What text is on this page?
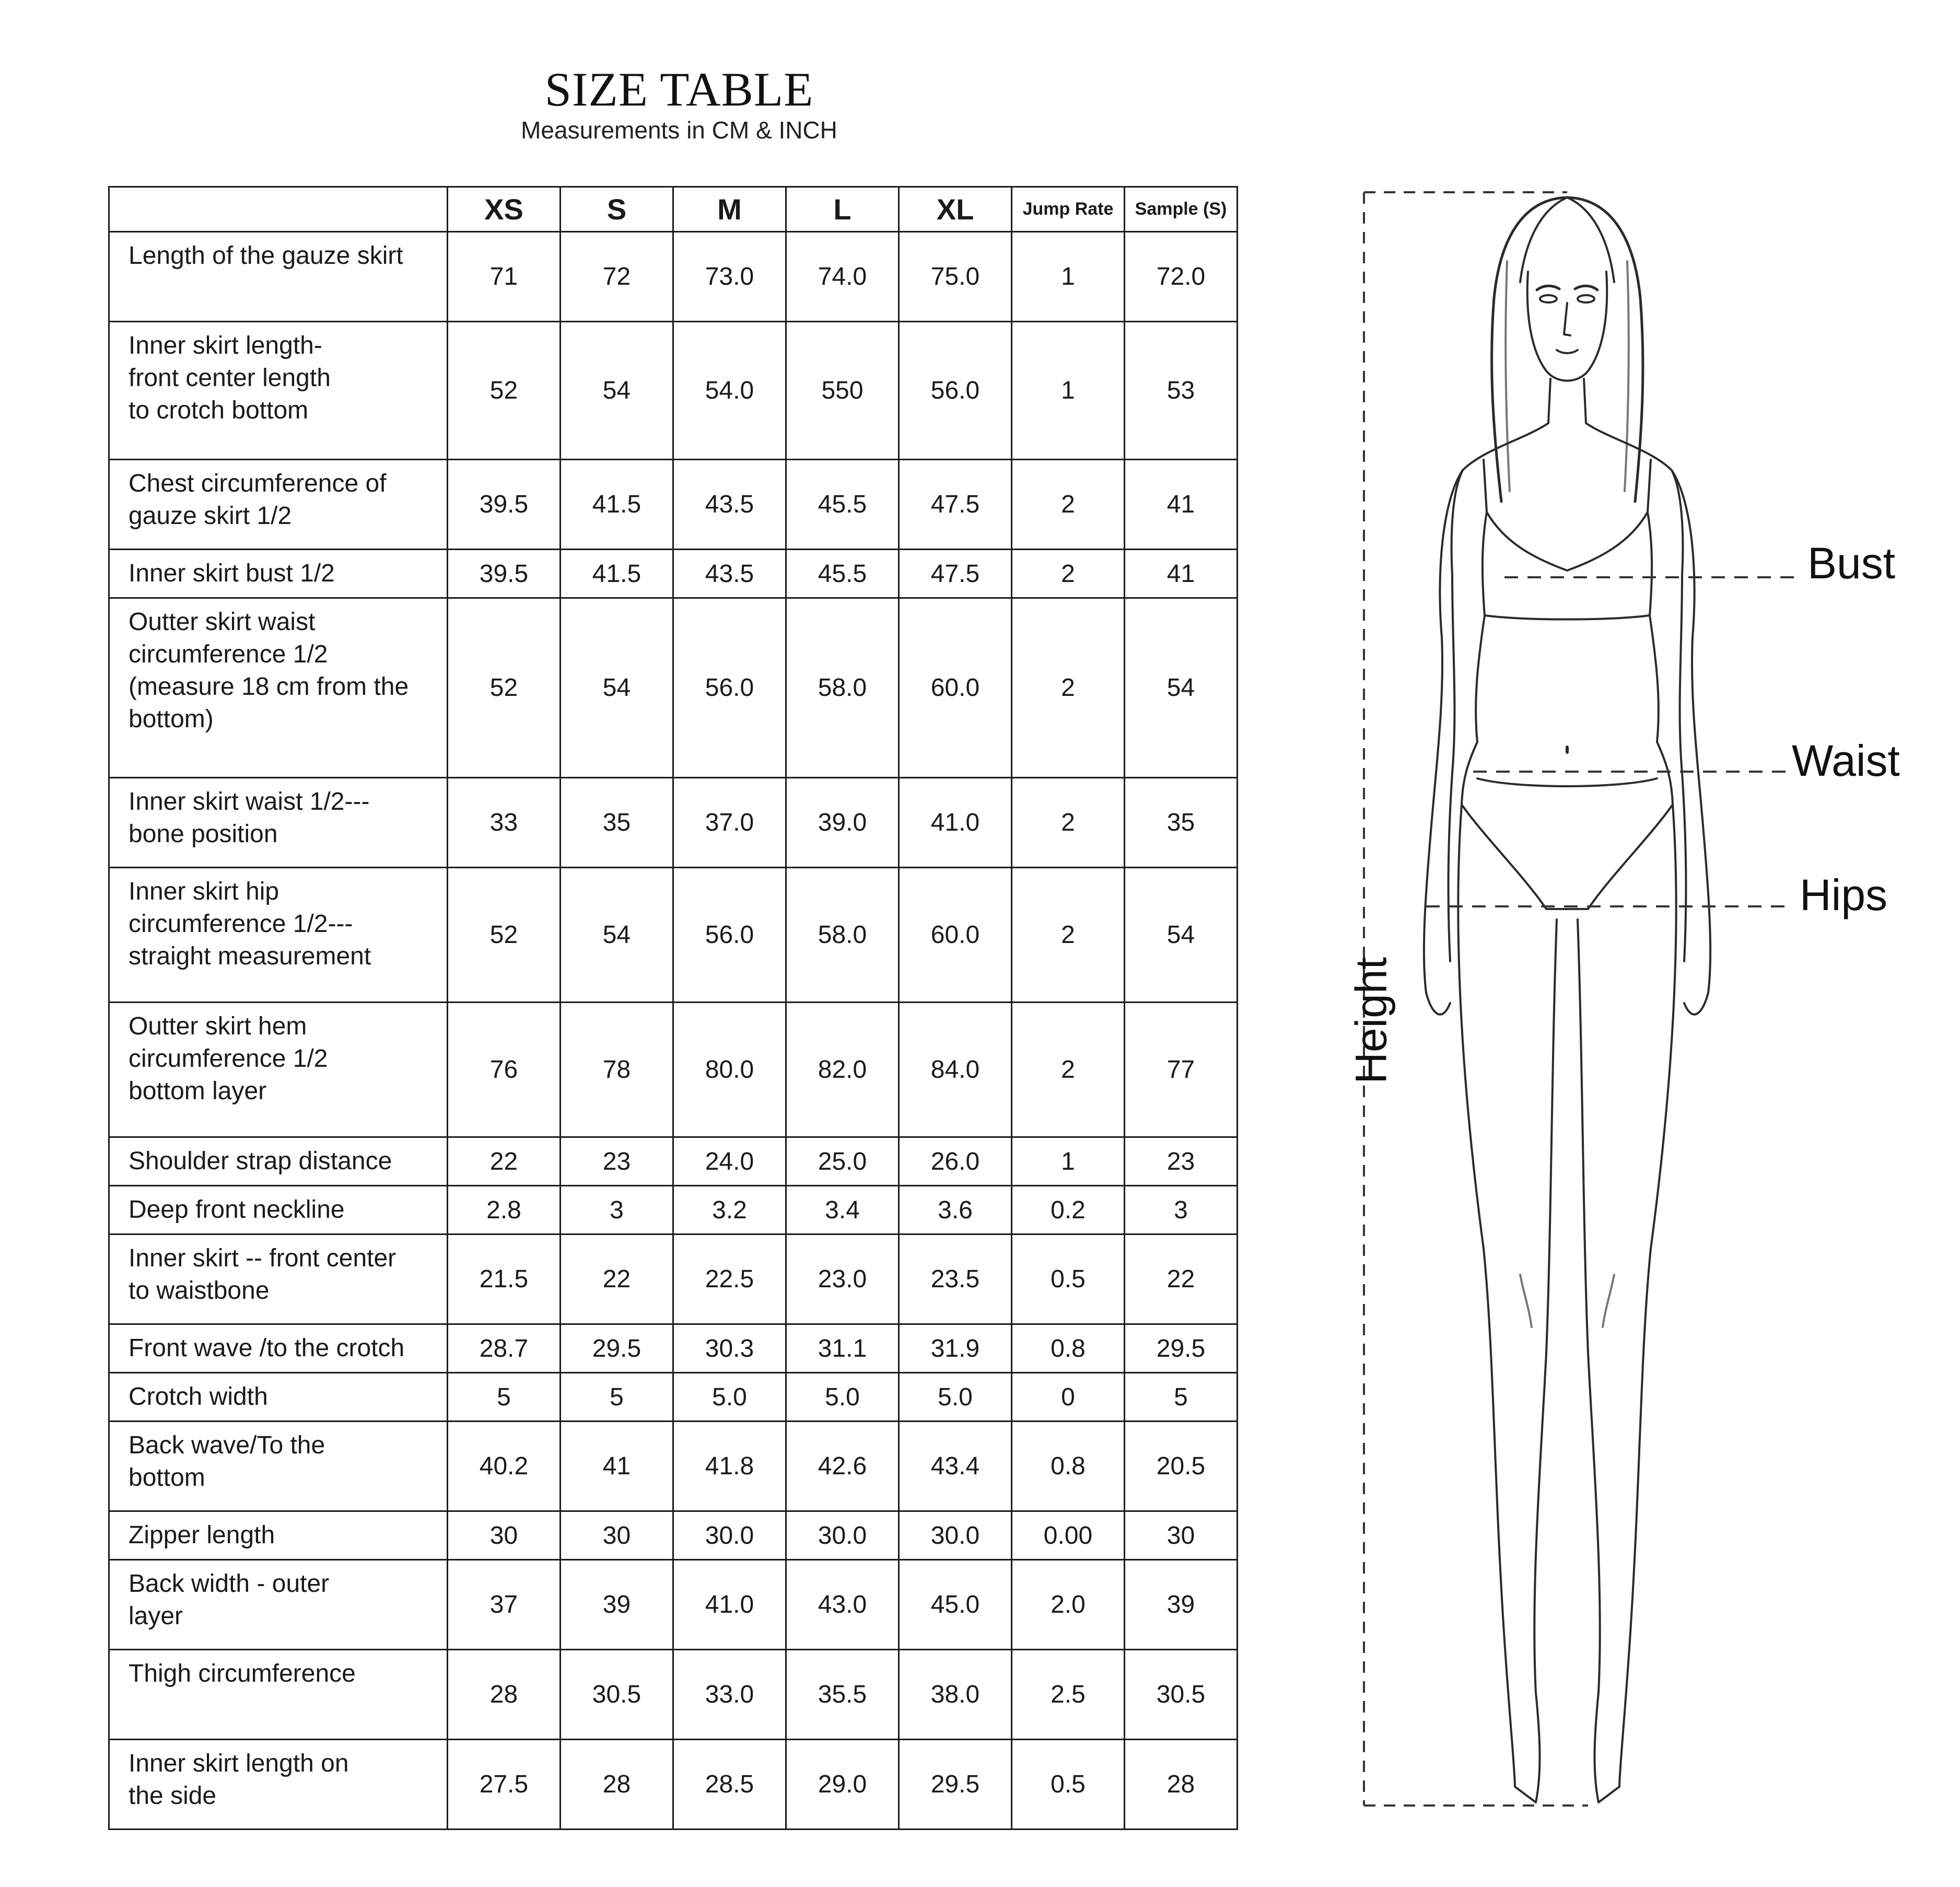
SIZE TABLE
Measurements in CM & INCH
	XS	S	M	L	XL	Jump Rate	Sample (S)
Length of the gauze skirt	71	72	73.0	74.0	75.0	1	72.0
Inner skirt length-
front center length
to crotch bottom	52	54	54.0	550	56.0	1	53
Chest circumference of
gauze skirt 1/2	39.5	41.5	43.5	45.5	47.5	2	41
Inner skirt bust 1/2	39.5	41.5	43.5	45.5	47.5	2	41
Outter skirt waist
circumference 1/2
(measure 18 cm from the
bottom)	52	54	56.0	58.0	60.0	2	54
Inner skirt waist 1/2---
bone position	33	35	37.0	39.0	41.0	2	35
Inner skirt hip
circumference 1/2---
straight measurement	52	54	56.0	58.0	60.0	2	54
Outter skirt hem
circumference 1/2
bottom layer	76	78	80.0	82.0	84.0	2	77
Shoulder strap distance	22	23	24.0	25.0	26.0	1	23
Deep front neckline	2.8	3	3.2	3.4	3.6	0.2	3
Inner skirt -- front center
to waistbone	21.5	22	22.5	23.0	23.5	0.5	22
Front wave /to the crotch	28.7	29.5	30.3	31.1	31.9	0.8	29.5
Crotch width	5	5	5.0	5.0	5.0	0	5
Back wave/To the
bottom	40.2	41	41.8	42.6	43.4	0.8	20.5
Zipper length	30	30	30.0	30.0	30.0	0.00	30
Back width - outer
layer	37	39	41.0	43.0	45.0	2.0	39
Thigh circumference	28	30.5	33.0	35.5	38.0	2.5	30.5
Inner skirt length on
the side	27.5	28	28.5	29.0	29.5	0.5	28
Bust
Waist
Hips
Height
